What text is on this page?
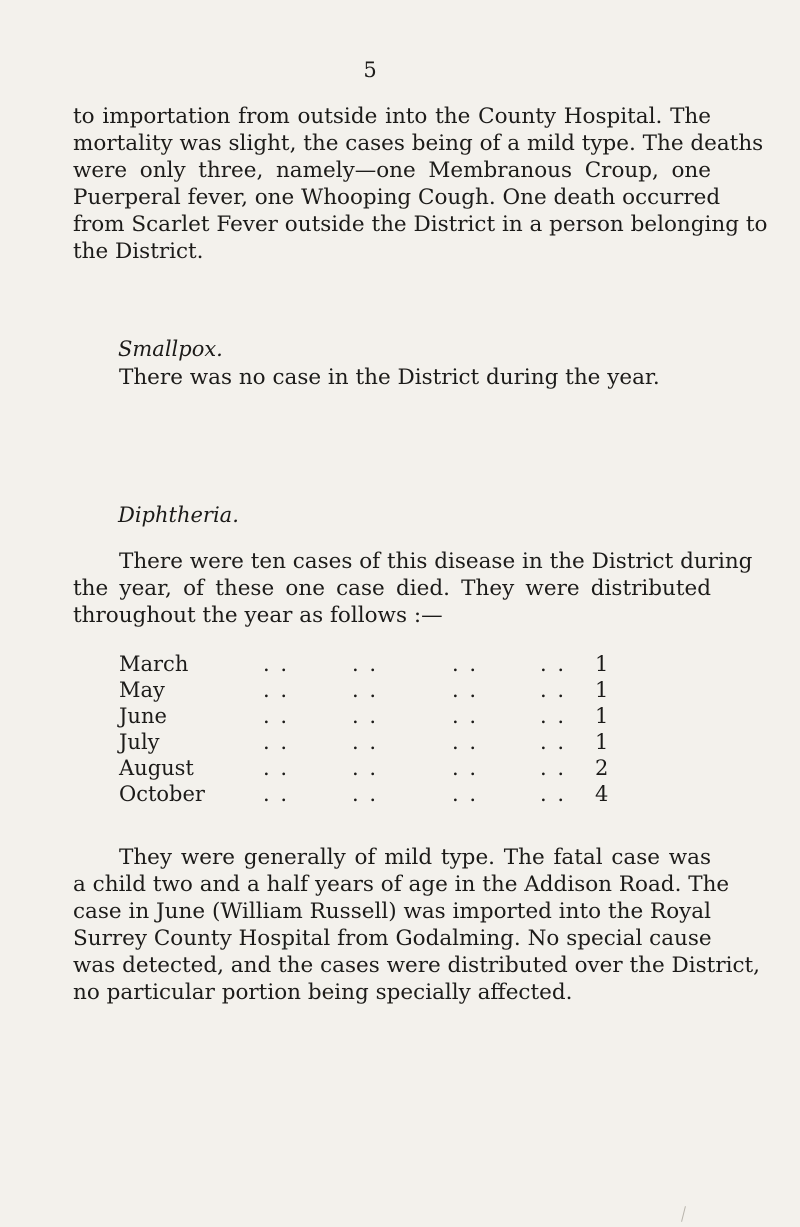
5
to importation from outside into the County Hospital. The
mortality was slight, the cases being of a mild type. The deaths
were only three, namely—one Membranous Croup, one
Puerperal fever, one Whooping Cough. One death occurred
from Scarlet Fever outside the District in a person belonging to
the District.

Smallpox.

There was no case in the District during the year.

Diphtheria.

There were ten cases of this disease in the District during
the year, of these one case died. They were distributed
throughout the year as follows :—
March	. .	. .	. .	. . 1
May	. .	. .	. .	. . 1
June	. .	. .	. .	. . 1
July	. .	. .	. .	. . 1
August	. .	. .	. .	. . 2
October	. .	. .	. .	. . 4
They were generally of mild type. The fatal case was
a child two and a half years of age in the Addison Road. The
case in June (William Russell) was imported into the Royal
Surrey County Hospital from Godalming. No special cause
was detected, and the cases were distributed over the District,
no particular portion being specially affected.
